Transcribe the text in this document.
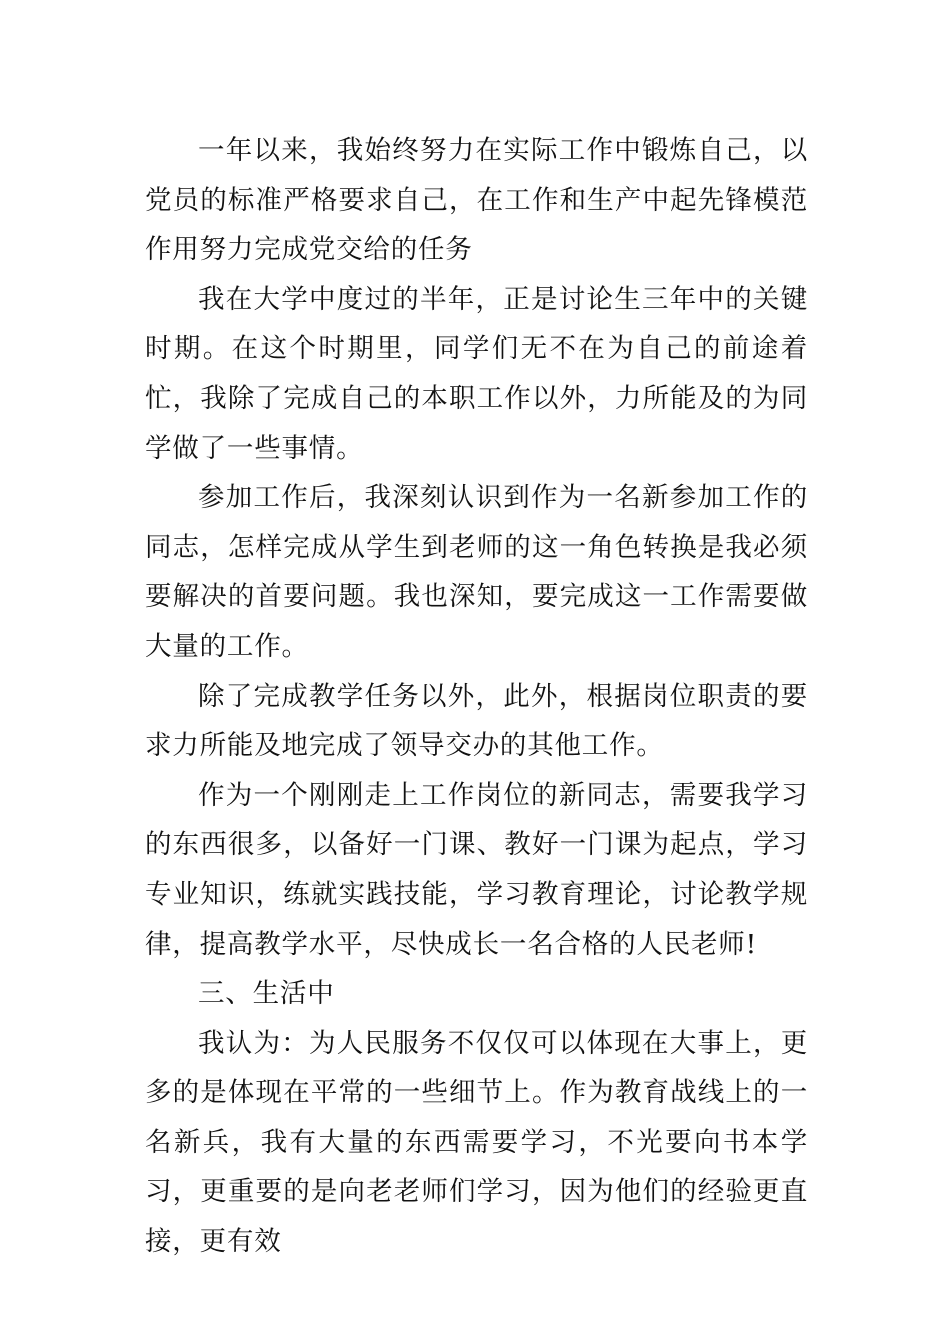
一年以来，我始终努力在实际工作中锻炼自己，以党员的标准严格要求自己，在工作和生产中起先锋模范作用努力完成党交给的任务

我在大学中度过的半年，正是讨论生三年中的关键时期。在这个时期里，同学们无不在为自己的前途着忙，我除了完成自己的本职工作以外，力所能及的为同学做了一些事情。

参加工作后，我深刻认识到作为一名新参加工作的同志，怎样完成从学生到老师的这一角色转换是我必须要解决的首要问题。我也深知，要完成这一工作需要做大量的工作。

除了完成教学任务以外，此外，根据岗位职责的要求力所能及地完成了领导交办的其他工作。

作为一个刚刚走上工作岗位的新同志，需要我学习的东西很多，以备好一门课、教好一门课为起点，学习专业知识，练就实践技能，学习教育理论，讨论教学规律，提高教学水平，尽快成长一名合格的人民老师!

三、生活中

我认为：为人民服务不仅仅可以体现在大事上，更多的是体现在平常的一些细节上。作为教育战线上的一名新兵，我有大量的东西需要学习，不光要向书本学习，更重要的是向老老师们学习，因为他们的经验更直接，更有效
